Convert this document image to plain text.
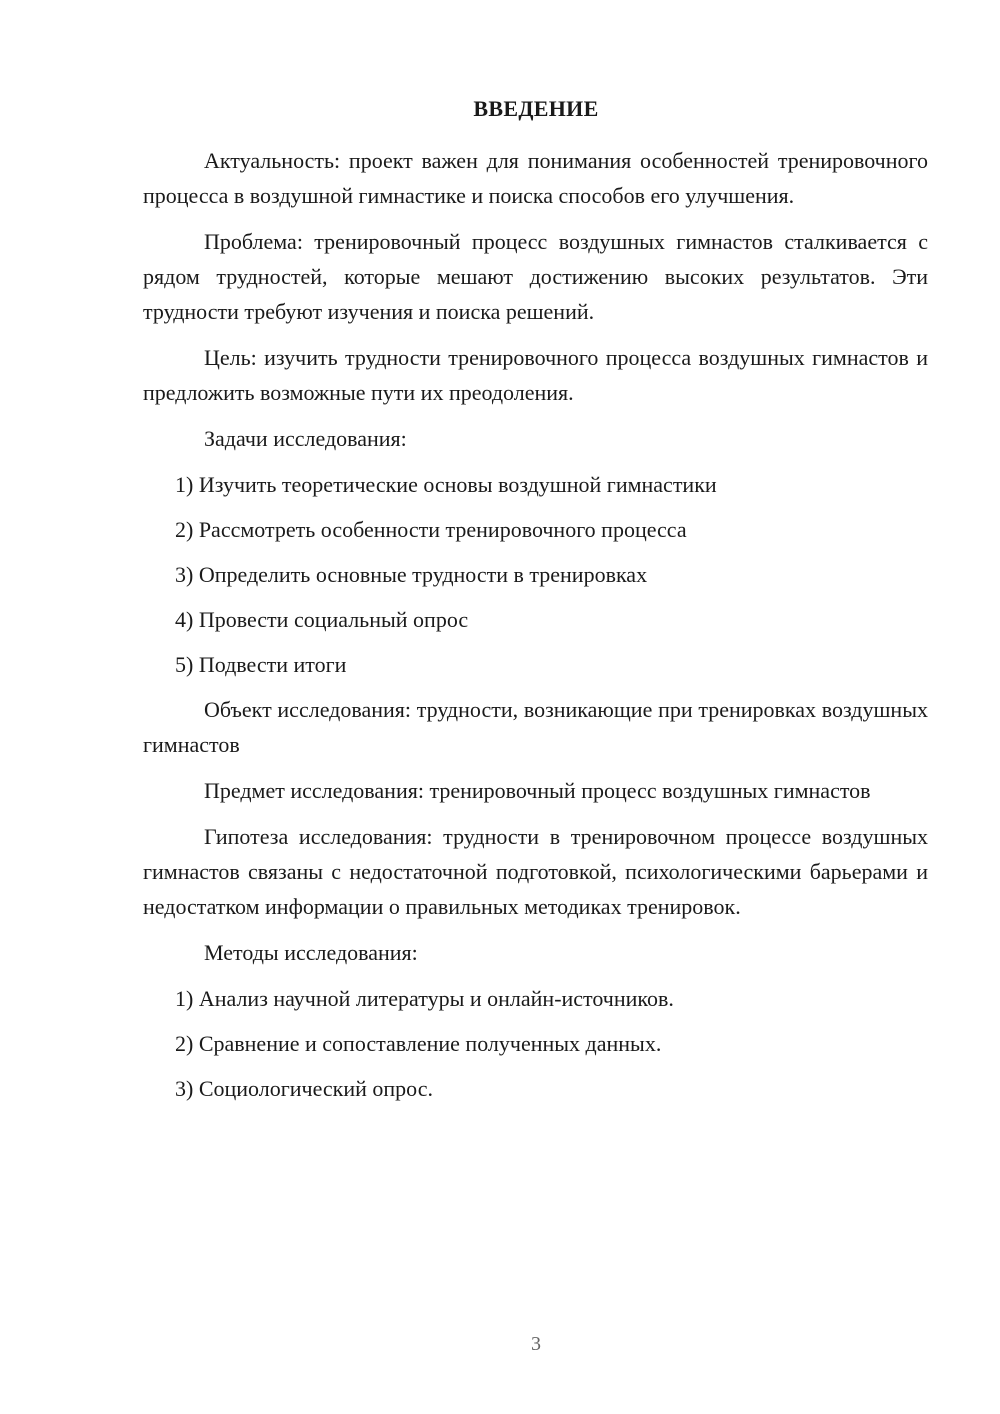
ВВЕДЕНИЕ

Актуальность: проект важен для понимания особенностей тренировочного процесса в воздушной гимнастике и поиска способов его улучшения.

Проблема: тренировочный процесс воздушных гимнастов сталкивается с рядом трудностей, которые мешают достижению высоких результатов. Эти трудности требуют изучения и поиска решений.

Цель: изучить трудности тренировочного процесса воздушных гимнастов и предложить возможные пути их преодоления.

Задачи исследования:

1) Изучить теоретические основы воздушной гимнастики
2) Рассмотреть особенности тренировочного процесса
3) Определить основные трудности в тренировках
4) Провести социальный опрос
5) Подвести итоги

Объект исследования: трудности, возникающие при тренировках воздушных гимнастов

Предмет исследования: тренировочный процесс воздушных гимнастов

Гипотеза исследования: трудности в тренировочном процессе воздушных гимнастов связаны с недостаточной подготовкой, психологическими барьерами и недостатком информации о правильных методиках тренировок.

Методы исследования:

1) Анализ научной литературы и онлайн-источников.
2) Сравнение и сопоставление полученных данных.
3) Социологический опрос.
3
